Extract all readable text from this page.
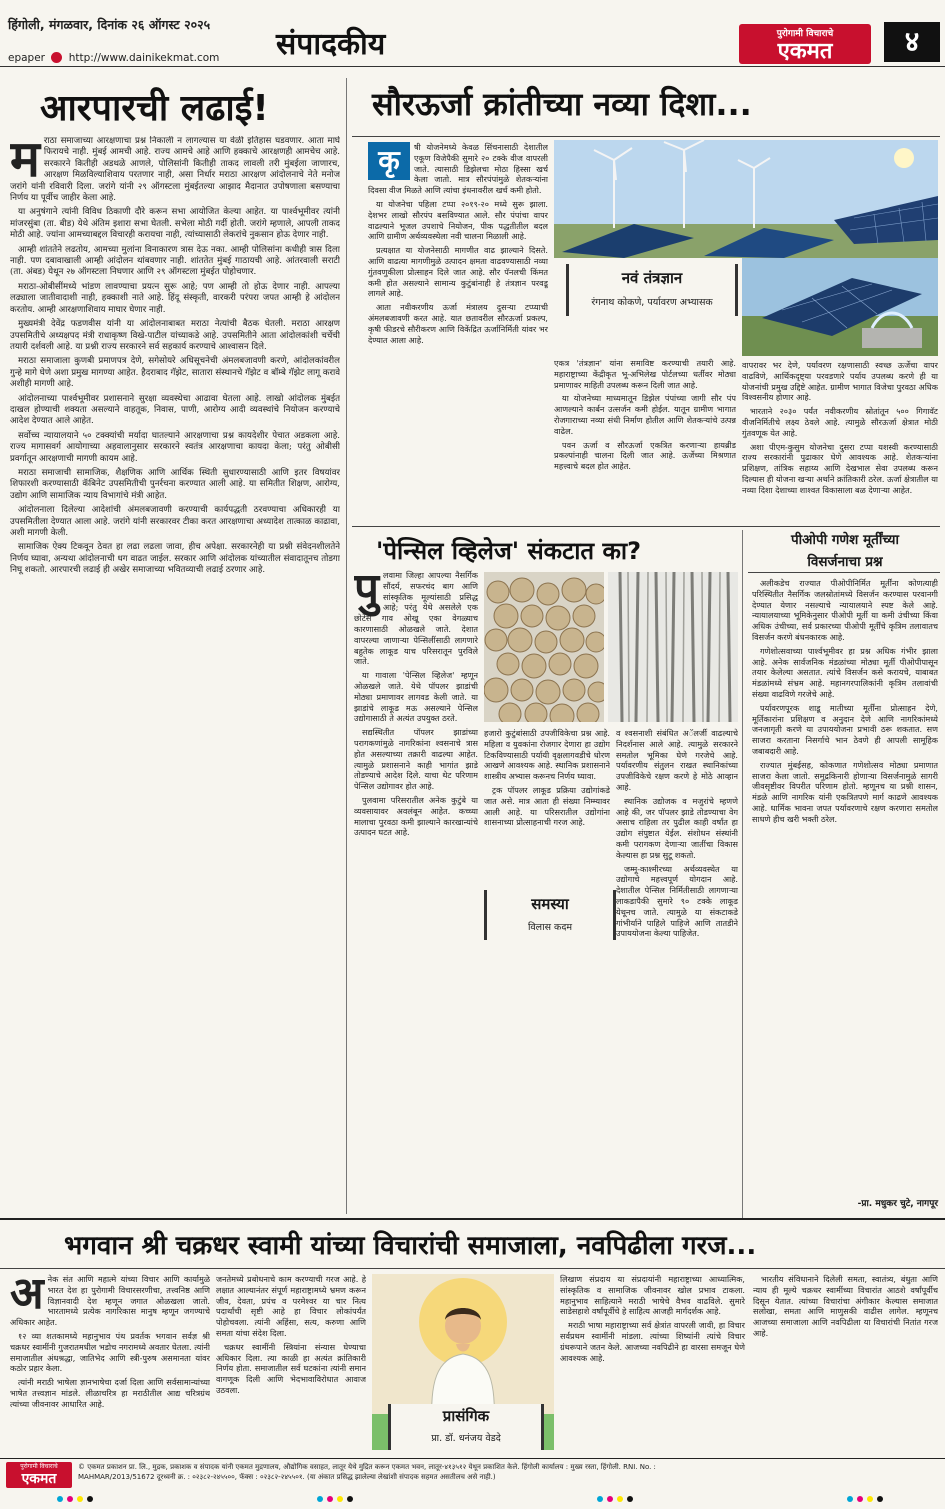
हिंगोली, मंगळवार, दिनांक २६ ऑगस्ट २०२५
epaper http://www.dainikekmat.com संपादकीय	पुरोगामी विचाराचे
एकमत	४
आरपारची लढाई!
म राठा समाजाच्या आरक्षणाचा प्रश्न निकाली न लागल्यास या वेळी इतिहास घडवणार. आता माघे फिरायचे नाही. मुंबई आमची आहे. राज्य आमचे आहे आणि हक्काचे आरक्षणही आमचेच आहे. सरकारने कितीही अडथळे आणले, पोलिसांनी कितीही ताकद लावली तरी मुंबईला जाणारच, आरक्षण मिळविल्याशिवाय परतणार नाही, असा निर्धार मराठा आरक्षण आंदोलनाचे नेते मनोज जरांगे यांनी रविवारी दिला. जरांगे यांनी २९ ऑगस्टला मुंबईतल्या आझाद मैदानात उपोषणाला बसण्याचा निर्णय या पूर्वीच जाहीर केला आहे.

या अनुषंगाने त्यांनी विविध ठिकाणी दौरे करून सभा आयोजित केल्या आहेत. या पार्श्वभूमीवर त्यांनी मांजरसुंबा (ता. बीड) येथे अंतिम इशारा सभा घेतली. सभेला मोठी गर्दी होती. जरांगे म्हणाले, आपली ताकद मोठी आहे. ज्यांना आमच्याबद्दल विचारही करायचा नाही, त्यांच्यासाठी लेकरांचे नुकसान होऊ देणार नाही.

आम्ही शांततेने लढतोय, आमच्या मुलांना विनाकारण त्रास देऊ नका. आम्ही पोलिसांना कधीही त्रास दिला नाही. पण दबावाखाली आम्ही आंदोलन थांबवणार नाही. शांततेत मुंबई गाठायची आहे. आंतरवाली सराटी (ता. अंबड) येथून २७ ऑगस्टला निघणार आणि २९ ऑगस्टला मुंबईत पोहोचणार.

मराठा-ओबीसींमध्ये भांडण लावण्याचा प्रयत्न सुरू आहे; पण आम्ही तो होऊ देणार नाही. आपल्या लढ्याला जातीवादाशी नाही, हक्काशी नाते आहे. हिंदू संस्कृती, वारकरी परंपरा जपत आम्ही हे आंदोलन करतोय. आम्ही आरक्षणाशिवाय माघार घेणार नाही.

मुख्यमंत्री देवेंद्र फडणवीस यांनी या आंदोलनाबाबत मराठा नेत्यांची बैठक घेतली. मराठा आरक्षण उपसमितीचे अध्यक्षपद मंत्री राधाकृष्ण विखे-पाटील यांच्याकडे आहे. उपसमितीने आता आंदोलकांशी चर्चेची तयारी दर्शवली आहे. या प्रश्नी राज्य सरकारने सर्व सहकार्य करण्याचे आश्वासन दिले.

मराठा समाजाला कुणबी प्रमाणपत्र देणे, सगेसोयरे अधिसूचनेची अंमलबजावणी करणे, आंदोलकांवरील गुन्हे मागे घेणे अशा प्रमुख मागण्या आहेत. हैदराबाद गॅझेट, सातारा संस्थानचे गॅझेट व बॉम्बे गॅझेट लागू करावे अशीही मागणी आहे.

आंदोलनाच्या पार्श्वभूमीवर प्रशासनाने सुरक्षा व्यवस्थेचा आढावा घेतला आहे. लाखो आंदोलक मुंबईत दाखल होण्याची शक्यता असल्याने वाहतूक, निवास, पाणी, आरोग्य आदी व्यवस्थांचे नियोजन करण्याचे आदेश देण्यात आले आहेत.

सर्वोच्च न्यायालयाने ५० टक्क्यांची मर्यादा घातल्याने आरक्षणाचा प्रश्न कायदेशीर पेचात अडकला आहे. राज्य मागासवर्ग आयोगाच्या अहवालानुसार सरकारने स्वतंत्र आरक्षणाचा कायदा केला; परंतु ओबीसी प्रवर्गातून आरक्षणाची मागणी कायम आहे.

मराठा समाजाची सामाजिक, शैक्षणिक आणि आर्थिक स्थिती सुधारण्यासाठी आणि इतर विषयांवर शिफारशी करण्यासाठी कॅबिनेट उपसमितीची पुनर्रचना करण्यात आली आहे. या समितीत शिक्षण, आरोग्य, उद्योग आणि सामाजिक न्याय विभागांचे मंत्री आहेत.

आंदोलनाला दिलेल्या आदेशांची अंमलबजावणी करण्याची कार्यपद्धती ठरवण्याचा अधिकारही या उपसमितीला देण्यात आला आहे. जरांगे यांनी सरकारवर टीका करत आरक्षणाचा अध्यादेश तात्काळ काढावा, अशी मागणी केली.

सामाजिक ऐक्य टिकवून ठेवत हा लढा लढला जावा, हीच अपेक्षा. सरकारनेही या प्रश्नी संवेदनशीलतेने निर्णय घ्यावा, अन्यथा आंदोलनाची धग वाढत जाईल. सरकार आणि आंदोलक यांच्यातील संवादातूनच तोडगा निघू शकतो. आरपारची लढाई ही अखेर समाजाच्या भवितव्याची लढाई ठरणार आहे.

सौरऊर्जा क्रांतीच्या नव्या दिशा...
कृ	षी योजनेमध्ये केवळ सिंचनासाठी देशातील एकूण विजेपैकी सुमारे २० टक्के वीज वापरली जाते. त्यासाठी डिझेलचा मोठा हिस्सा खर्च केला जातो. मात्र सौरपंपांमुळे शेतकऱ्यांना दिवसा वीज मिळते आणि त्यांचा इंधनावरील खर्च कमी होतो.

या योजनेचा पहिला टप्पा २०१९-२० मध्ये सुरू झाला. देशभर लाखो सौरपंप बसविण्यात आले. सौर पंपांचा वापर वाढल्याने भूजल उपशाचे नियोजन, पीक पद्धतीतील बदल आणि ग्रामीण अर्थव्यवस्थेला नवी चालना मिळाली आहे.

प्रत्यक्षात या योजनेसाठी मागणीत वाढ झाल्याने दिसते. आणि वाढत्या मागणीमुळे उत्पादन क्षमता वाढवण्यासाठी नव्या गुंतवणुकीला प्रोत्साहन दिले जात आहे. सौर पॅनलची किंमत कमी होत असल्याने सामान्य कुटुंबांनाही हे तंत्रज्ञान परवडू लागले आहे.

आता नवीकरणीय ऊर्जा मंत्रालय दुसऱ्या टप्प्याची अंमलबजावणी करत आहे. यात छतावरील सौरऊर्जा प्रकल्प, कृषी फीडरचे सौरीकरण आणि विकेंद्रित ऊर्जानिर्मिती यांवर भर देण्यात आला आहे.

एकत्र 'तंत्रज्ञान' यांना समाविष्ट करण्याची तयारी आहे. महाराष्ट्राच्या केंद्रीकृत भू-अभिलेख पोर्टलच्या धर्तीवर मोठ्या प्रमाणावर माहिती उपलब्ध करून दिली जात आहे.

या योजनेच्या माध्यमातून डिझेल पंपांच्या जागी सौर पंप आणल्याने कार्बन उत्सर्जन कमी होईल. यातून ग्रामीण भागात रोजगाराच्या नव्या संधी निर्माण होतील आणि शेतकऱ्यांचे उत्पन्न वाढेल.

पवन ऊर्जा व सौरऊर्जा एकत्रित करणाऱ्या हायब्रीड प्रकल्पांनाही चालना दिली जात आहे. ऊर्जेच्या मिश्रणात महत्त्वाचे बदल होत आहेत.

नवं तंत्रज्ञान
रंगनाथ कोकणे, पर्यावरण अभ्यासक

वापरावर भर देणे, पर्यावरण रक्षणासाठी स्वच्छ ऊर्जेचा वापर वाढविणे, आर्थिकदृष्ट्या परवडणारे पर्याय उपलब्ध करणे ही या योजनांची प्रमुख उद्दिष्टे आहेत. ग्रामीण भागात विजेचा पुरवठा अधिक विश्वसनीय होणार आहे.

भारताने २०३० पर्यंत नवीकरणीय स्रोतांतून ५०० गिगावॅट वीजनिर्मितीचे लक्ष्य ठेवले आहे. त्यामुळे सौरऊर्जा क्षेत्रात मोठी गुंतवणूक येत आहे.

अशा पीएम-कुसुम योजनेचा दुसरा टप्पा यशस्वी करण्यासाठी राज्य सरकारांनी पुढाकार घेणे आवश्यक आहे. शेतकऱ्यांना प्रशिक्षण, तांत्रिक सहाय्य आणि देखभाल सेवा उपलब्ध करून दिल्यास ही योजना खऱ्या अर्थाने क्रांतिकारी ठरेल. ऊर्जा क्षेत्रातील या नव्या दिशा देशाच्या शाश्वत विकासाला बळ देणाऱ्या आहेत.

'पेन्सिल व्हिलेज' संकटात का?
पु लवामा जिल्हा आपल्या नैसर्गिक सौंदर्य, सफरचंद बाग आणि सांस्कृतिक मूल्यांसाठी प्रसिद्ध आहे; परंतु येथे असलेले एक छोटेसे गाव ओखू एका वेगळ्याच कारणासाठी ओळखले जाते. देशात वापरल्या जाणाऱ्या पेन्सिलींसाठी लागणारे बहुतेक लाकूड याच परिसरातून पुरविले जाते.

या गावाला 'पेन्सिल व्हिलेज' म्हणून ओळखले जाते. येथे पॉपलर झाडांची मोठ्या प्रमाणावर लागवड केली जाते. या झाडांचे लाकूड मऊ असल्याने पेन्सिल उद्योगासाठी ते अत्यंत उपयुक्त ठरते.

सद्यस्थितीत पॉपलर झाडांच्या परागकणांमुळे नागरिकांना श्वसनाचे त्रास होत असल्याच्या तक्रारी वाढल्या आहेत. त्यामुळे प्रशासनाने काही भागांत झाडे तोडण्याचे आदेश दिले. याचा थेट परिणाम पेन्सिल उद्योगावर होत आहे.

पुलवामा परिसरातील अनेक कुटुंबे या व्यवसायावर अवलंबून आहेत. कच्च्या मालाचा पुरवठा कमी झाल्याने कारखान्यांचे उत्पादन घटत आहे.

हजारो कुटुंबांसाठी उपजीविकेचा प्रश्न आहे. महिला व युवकांना रोजगार देणारा हा उद्योग टिकविण्यासाठी पर्यायी वृक्षलागवडीचे धोरण आखणे आवश्यक आहे. स्थानिक प्रशासनाने शास्त्रीय अभ्यास करूनच निर्णय घ्यावा.

ट्रक पॉपलर लाकूड प्रक्रिया उद्योगांकडे जात असे. मात्र आता ही संख्या निम्म्यावर आली आहे. या परिसरातील उद्योगांना शासनाच्या प्रोत्साहनाची गरज आहे.

समस्या
विलास कदम

व श्वसनाशी संबंधित अॅलर्जी वाढल्याचे निदर्शनास आले आहे. त्यामुळे सरकारने समतोल भूमिका घेणे गरजेचे आहे. पर्यावरणीय संतुलन राखत स्थानिकांच्या उपजीविकेचे रक्षण करणे हे मोठे आव्हान आहे.

स्थानिक उद्योजक व मजुरांचे म्हणणे आहे की, जर पॉपलर झाडे तोडण्याचा वेग असाच राहिला तर पुढील काही वर्षांत हा उद्योग संपुष्टात येईल. संशोधन संस्थांनी कमी परागकण देणाऱ्या जातींचा विकास केल्यास हा प्रश्न सुटू शकतो.

जम्मू-काश्मीरच्या अर्थव्यवस्थेत या उद्योगाचे महत्त्वपूर्ण योगदान आहे. देशातील पेन्सिल निर्मितीसाठी लागणाऱ्या लाकडापैकी सुमारे ९० टक्के लाकूड येथूनच जाते. त्यामुळे या संकटाकडे गांभीर्याने पाहिले पाहिजे आणि तातडीने उपाययोजना केल्या पाहिजेत.

पीओपी गणेश मूर्तींच्या
विसर्जनाचा प्रश्न

अलीकडेच राज्यात पीओपीनिर्मित मूर्तींना कोणत्याही परिस्थितीत नैसर्गिक जलस्रोतांमध्ये विसर्जन करण्यास परवानगी देण्यात येणार नसल्याचे न्यायालयाने स्पष्ट केले आहे. न्यायालयाच्या भूमिकेनुसार पीओपी मूर्ती या कमी उंचीच्या किंवा अधिक उंचीच्या, सर्व प्रकारच्या पीओपी मूर्तींचे कृत्रिम तलावातच विसर्जन करणे बंधनकारक आहे.

गणेशोत्सवाच्या पार्श्वभूमीवर हा प्रश्न अधिक गंभीर झाला आहे. अनेक सार्वजनिक मंडळांच्या मोठ्या मूर्ती पीओपीपासून तयार केलेल्या असतात. त्यांचे विसर्जन कसे करायचे, याबाबत मंडळांमध्ये संभ्रम आहे. महानगरपालिकांनी कृत्रिम तलावांची संख्या वाढविणे गरजेचे आहे.

पर्यावरणपूरक शाडू मातीच्या मूर्तींना प्रोत्साहन देणे, मूर्तिकारांना प्रशिक्षण व अनुदान देणे आणि नागरिकांमध्ये जनजागृती करणे या उपाययोजना प्रभावी ठरू शकतात. सण साजरा करताना निसर्गाचे भान ठेवणे ही आपली सामूहिक जबाबदारी आहे.

राज्यात मुंबईसह, कोकणात गणेशोत्सव मोठ्या प्रमाणात साजरा केला जातो. समुद्रकिनारी होणाऱ्या विसर्जनामुळे सागरी जीवसृष्टीवर विपरीत परिणाम होतो. म्हणूनच या प्रश्नी शासन, मंडळे आणि नागरिक यांनी एकत्रितपणे मार्ग काढणे आवश्यक आहे. धार्मिक भावना जपत पर्यावरणाचे रक्षण करणारा समतोल साधणे हीच खरी भक्ती ठरेल.

-प्रा. मधुकर चुटे, नागपूर
भगवान श्री चक्रधर स्वामी यांच्या विचारांची समाजाला, नवपिढीला गरज...
अ नेक संत आणि महात्मे यांच्या विचार आणि कार्यामुळे भारत देश हा पुरोगामी विचारसरणीचा, तत्त्वनिष्ठ आणि विज्ञानवादी देश म्हणून जगात ओळखला जातो. भारतामध्ये प्रत्येक नागरिकास मानुष म्हणून जगण्याचे अधिकार आहेत.

१२ व्या शतकामध्ये महानुभाव पंथ प्रवर्तक भगवान सर्वज्ञ श्री चक्रधर स्वामींनी गुजरातमधील भडोच नगरामध्ये अवतार घेतला. त्यांनी समाजातील अंधश्रद्धा, जातिभेद आणि स्त्री-पुरुष असमानता यांवर कठोर प्रहार केला.

त्यांनी मराठी भाषेला ज्ञानभाषेचा दर्जा दिला आणि सर्वसामान्यांच्या भाषेत तत्त्वज्ञान मांडले. लीळाचरित्र हा मराठीतील आद्य चरित्रग्रंथ त्यांच्या जीवनावर आधारित आहे.

जनतेमध्ये प्रबोधनाचे काम करण्याची गरज आहे. हे लक्षात आल्यानंतर संपूर्ण महाराष्ट्रामध्ये भ्रमण करून जीव, देवता, प्रपंच व परमेश्वर या चार नित्य पदार्थांची सृष्टी आहे हा विचार लोकांपर्यंत पोहोचवला. त्यांनी अहिंसा, सत्य, करुणा आणि समता यांचा संदेश दिला.

चक्रधर स्वामींनी स्त्रियांना संन्यास घेण्याचा अधिकार दिला. त्या काळी हा अत्यंत क्रांतिकारी निर्णय होता. समाजातील सर्व घटकांना त्यांनी समान वागणूक दिली आणि भेदभावाविरोधात आवाज उठवला.

प्रासंगिक
प्रा. डॉ. धनंजय वेडदे

लिखाण संप्रदाय या संप्रदायांनी महाराष्ट्राच्या आध्यात्मिक, सांस्कृतिक व सामाजिक जीवनावर खोल प्रभाव टाकला. महानुभाव साहित्याने मराठी भाषेचे वैभव वाढविले. सुमारे साडेसहाशे वर्षांपूर्वीचे हे साहित्य आजही मार्गदर्शक आहे.

मराठी भाषा महाराष्ट्राच्या सर्व क्षेत्रांत वापरली जावी, हा विचार सर्वप्रथम स्वामींनी मांडला. त्यांच्या शिष्यांनी त्यांचे विचार ग्रंथरूपाने जतन केले. आजच्या नवपिढीने हा वारसा समजून घेणे आवश्यक आहे.

भारतीय संविधानाने दिलेली समता, स्वातंत्र्य, बंधुता आणि न्याय ही मूल्ये चक्रधर स्वामींच्या विचारांत आठशे वर्षांपूर्वीच दिसून येतात. त्यांच्या विचारांचा अंगीकार केल्यास समाजात सलोखा, समता आणि माणुसकी वाढीस लागेल. म्हणूनच आजच्या समाजाला आणि नवपिढीला या विचारांची नितांत गरज आहे.

पुरोगामी विचाराचे
एकमत
© एकमत प्रकाशन प्रा. लि., मुद्रक, प्रकाशक व संपादक यांनी एकमत मुद्रणालय, औद्योगिक वसाहत, लातूर येथे मुद्रित करून एकमत भवन, लातूर-४१३५१२ येथून प्रकाशित केले. हिंगोली कार्यालय : मुख्य रस्ता, हिंगोली. RNI. No. :
MAHMAR/2013/51672 दूरध्वनी क्र. : ०२३८२-२४५५००, फॅक्स : ०२३८२-२४५५०१. (या अंकात प्रसिद्ध झालेल्या लेखांशी संपादक सहमत असतीलच असे नाही.)
